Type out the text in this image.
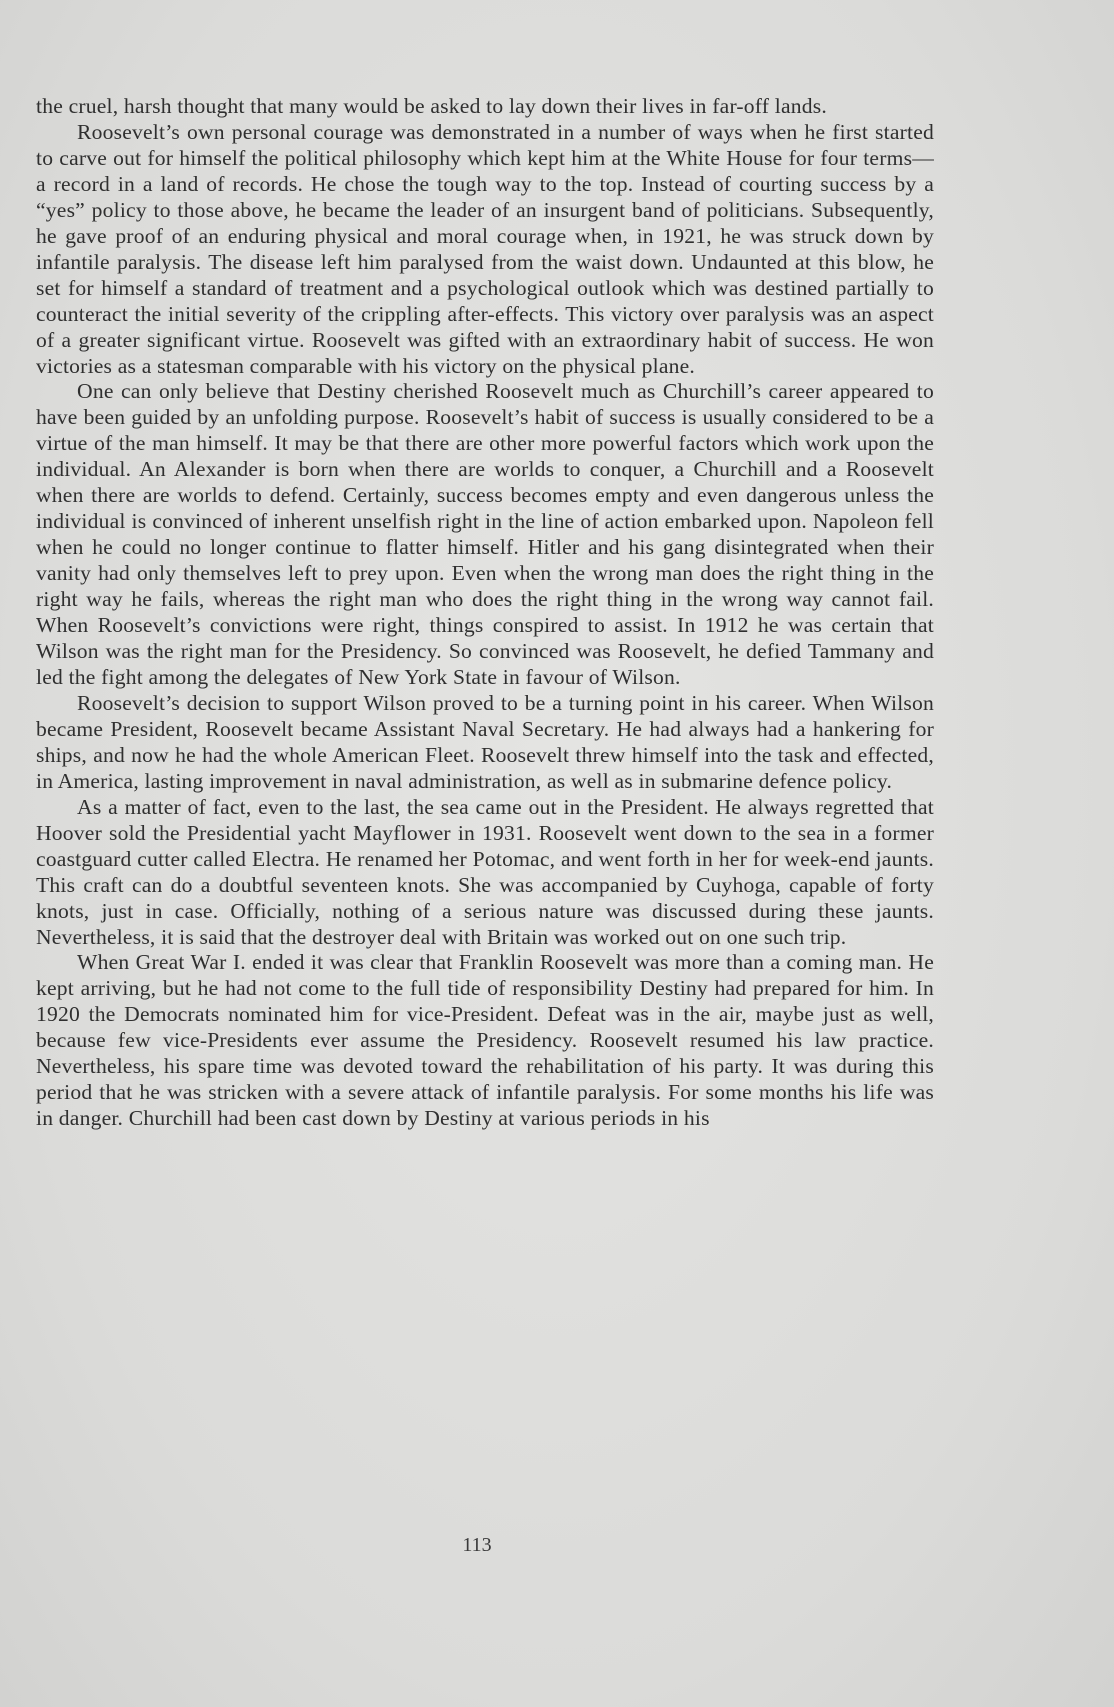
the cruel, harsh thought that many would be asked to lay down their lives in far-off lands.

Roosevelt’s own personal courage was demonstrated in a number of ways when he first started to carve out for himself the political philosophy which kept him at the White House for four terms—a record in a land of records. He chose the tough way to the top. Instead of courting success by a “yes” policy to those above, he became the leader of an insurgent band of politicians. Subsequently, he gave proof of an enduring physical and moral courage when, in 1921, he was struck down by infantile paralysis. The disease left him paralysed from the waist down. Undaunted at this blow, he set for himself a standard of treatment and a psychological outlook which was destined partially to counteract the initial severity of the crippling after-effects. This victory over paralysis was an aspect of a greater significant virtue. Roosevelt was gifted with an extraordinary habit of success. He won victories as a statesman comparable with his victory on the physical plane.

One can only believe that Destiny cherished Roosevelt much as Churchill’s career appeared to have been guided by an unfolding purpose. Roosevelt’s habit of success is usually considered to be a virtue of the man himself. It may be that there are other more powerful factors which work upon the individual. An Alexander is born when there are worlds to conquer, a Churchill and a Roosevelt when there are worlds to defend. Certainly, success becomes empty and even dangerous unless the individual is convinced of inherent unselfish right in the line of action embarked upon. Napoleon fell when he could no longer continue to flatter himself. Hitler and his gang disintegrated when their vanity had only themselves left to prey upon. Even when the wrong man does the right thing in the right way he fails, whereas the right man who does the right thing in the wrong way cannot fail. When Roosevelt’s convictions were right, things conspired to assist. In 1912 he was certain that Wilson was the right man for the Presidency. So convinced was Roosevelt, he defied Tammany and led the fight among the delegates of New York State in favour of Wilson.

Roosevelt’s decision to support Wilson proved to be a turning point in his career. When Wilson became President, Roosevelt became Assistant Naval Secretary. He had always had a hankering for ships, and now he had the whole American Fleet. Roosevelt threw himself into the task and effected, in America, lasting improvement in naval administration, as well as in submarine defence policy.

As a matter of fact, even to the last, the sea came out in the President. He always regretted that Hoover sold the Presidential yacht Mayflower in 1931. Roosevelt went down to the sea in a former coastguard cutter called Electra. He renamed her Potomac, and went forth in her for week-end jaunts. This craft can do a doubtful seventeen knots. She was accompanied by Cuyhoga, capable of forty knots, just in case. Officially, nothing of a serious nature was discussed during these jaunts. Nevertheless, it is said that the destroyer deal with Britain was worked out on one such trip.

When Great War I. ended it was clear that Franklin Roosevelt was more than a coming man. He kept arriving, but he had not come to the full tide of responsibility Destiny had prepared for him. In 1920 the Democrats nominated him for vice-President. Defeat was in the air, maybe just as well, because few vice-Presidents ever assume the Presidency. Roosevelt resumed his law practice. Nevertheless, his spare time was devoted toward the rehabilitation of his party. It was during this period that he was stricken with a severe attack of infantile paralysis. For some months his life was in danger. Churchill had been cast down by Destiny at various periods in his

113
